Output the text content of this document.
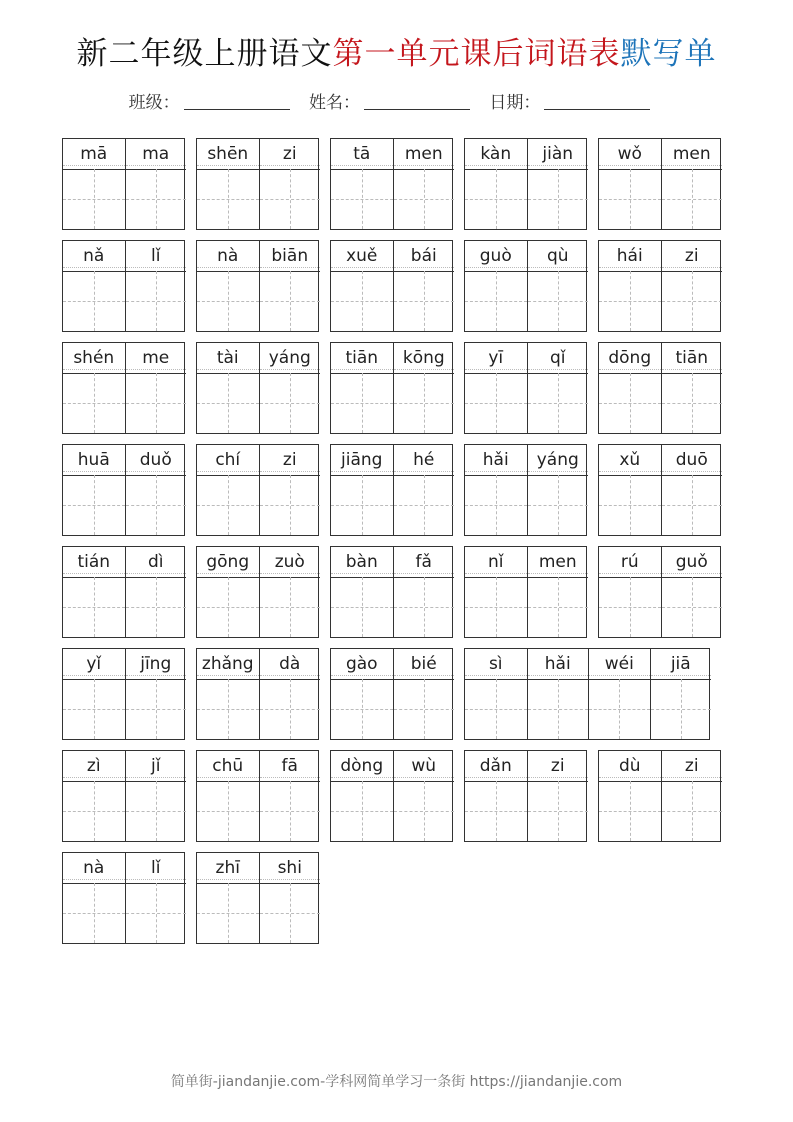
新二年级上册语文第一单元课后词语表默写单
班级：	姓名：	日期：
mā	ma	shēn	zi	tā	men	kàn	jiàn	wǒ	men
nǎ	lǐ	nà	biān	xuě	bái	guò	qù	hái	zi
shén	me	tài	yáng	tiān	kōng	yī	qǐ	dōng	tiān
huā	duǒ	chí	zi	jiāng	hé	hǎi	yáng	xǔ	duō
tián	dì	gōng	zuò	bàn	fǎ	nǐ	men	rú	guǒ
yǐ	jīng	zhǎng	dà	gào	bié	sì	hǎi	wéi	jiā
zì	jǐ	chū	fā	dòng	wù	dǎn	zi	dù	zi
nà	lǐ	zhī	shi
简单街-jiandanjie.com-学科网简单学习一条街 https://jiandanjie.com
